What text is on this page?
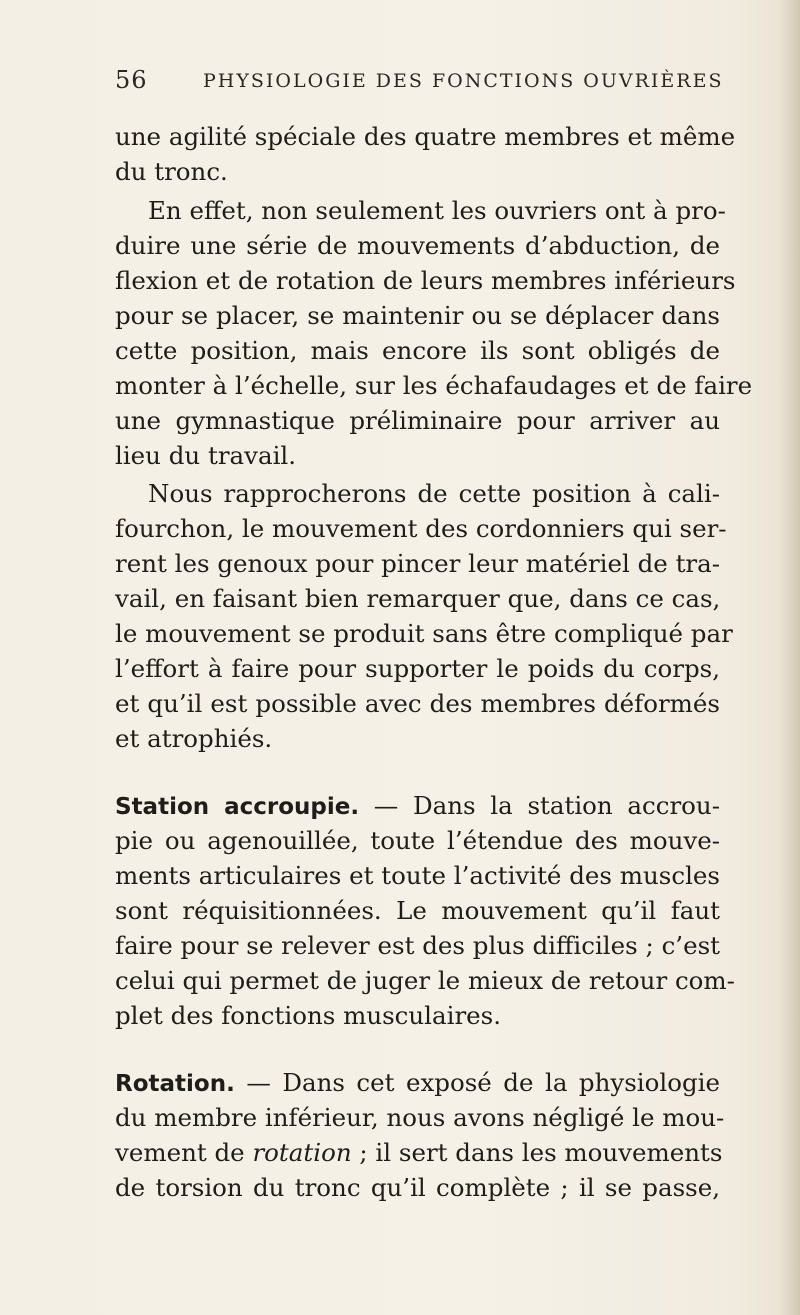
56	PHYSIOLOGIE DES FONCTIONS OUVRIÈRES
une agilité spéciale des quatre membres et même
du tronc.
En effet, non seulement les ouvriers ont à pro-
duire une série de mouvements d’abduction, de
flexion et de rotation de leurs membres inférieurs
pour se placer, se maintenir ou se déplacer dans
cette position, mais encore ils sont obligés de
monter à l’échelle, sur les échafaudages et de faire
une gymnastique préliminaire pour arriver au
lieu du travail.
Nous rapprocherons de cette position à cali-
fourchon, le mouvement des cordonniers qui ser-
rent les genoux pour pincer leur matériel de tra-
vail, en faisant bien remarquer que, dans ce cas,
le mouvement se produit sans être compliqué par
l’effort à faire pour supporter le poids du corps,
et qu’il est possible avec des membres déformés
et atrophiés.
Station accroupie. — Dans la station accrou-
pie ou agenouillée, toute l’étendue des mouve-
ments articulaires et toute l’activité des muscles
sont réquisitionnées. Le mouvement qu’il faut
faire pour se relever est des plus difficiles ; c’est
celui qui permet de juger le mieux de retour com-
plet des fonctions musculaires.
Rotation. — Dans cet exposé de la physiologie
du membre inférieur, nous avons négligé le mou-
vement de rotation ; il sert dans les mouvements
de torsion du tronc qu’il complète ; il se passe,
